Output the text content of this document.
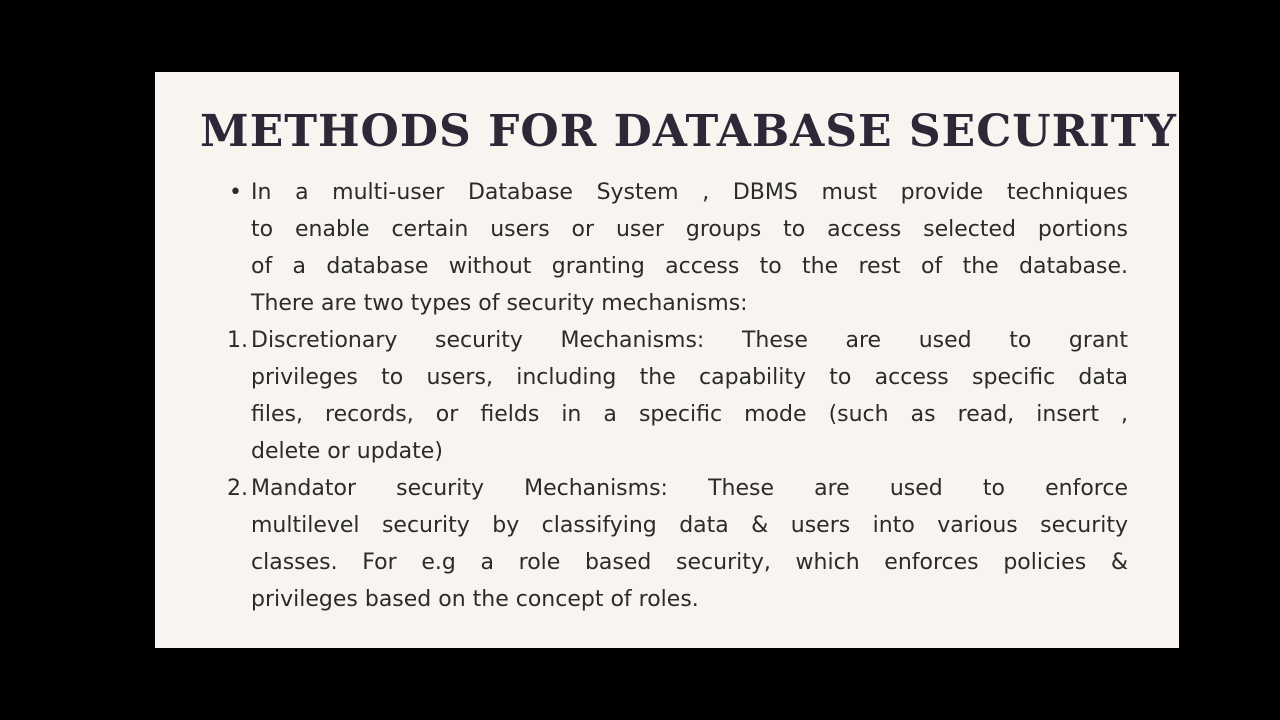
METHODS FOR DATABASE SECURITY
• In a multi-user Database System , DBMS must provide techniques
to enable certain users or user groups to access selected portions
of a database without granting access to the rest of the database.
There are two types of security mechanisms:
1. Discretionary security Mechanisms: These are used to grant
privileges to users, including the capability to access specific data
files, records, or fields in a specific mode (such as read, insert ,
delete or update)
2. Mandator security Mechanisms: These are used to enforce
multilevel security by classifying data & users into various security
classes. For e.g a role based security, which enforces policies &
privileges based on the concept of roles.
